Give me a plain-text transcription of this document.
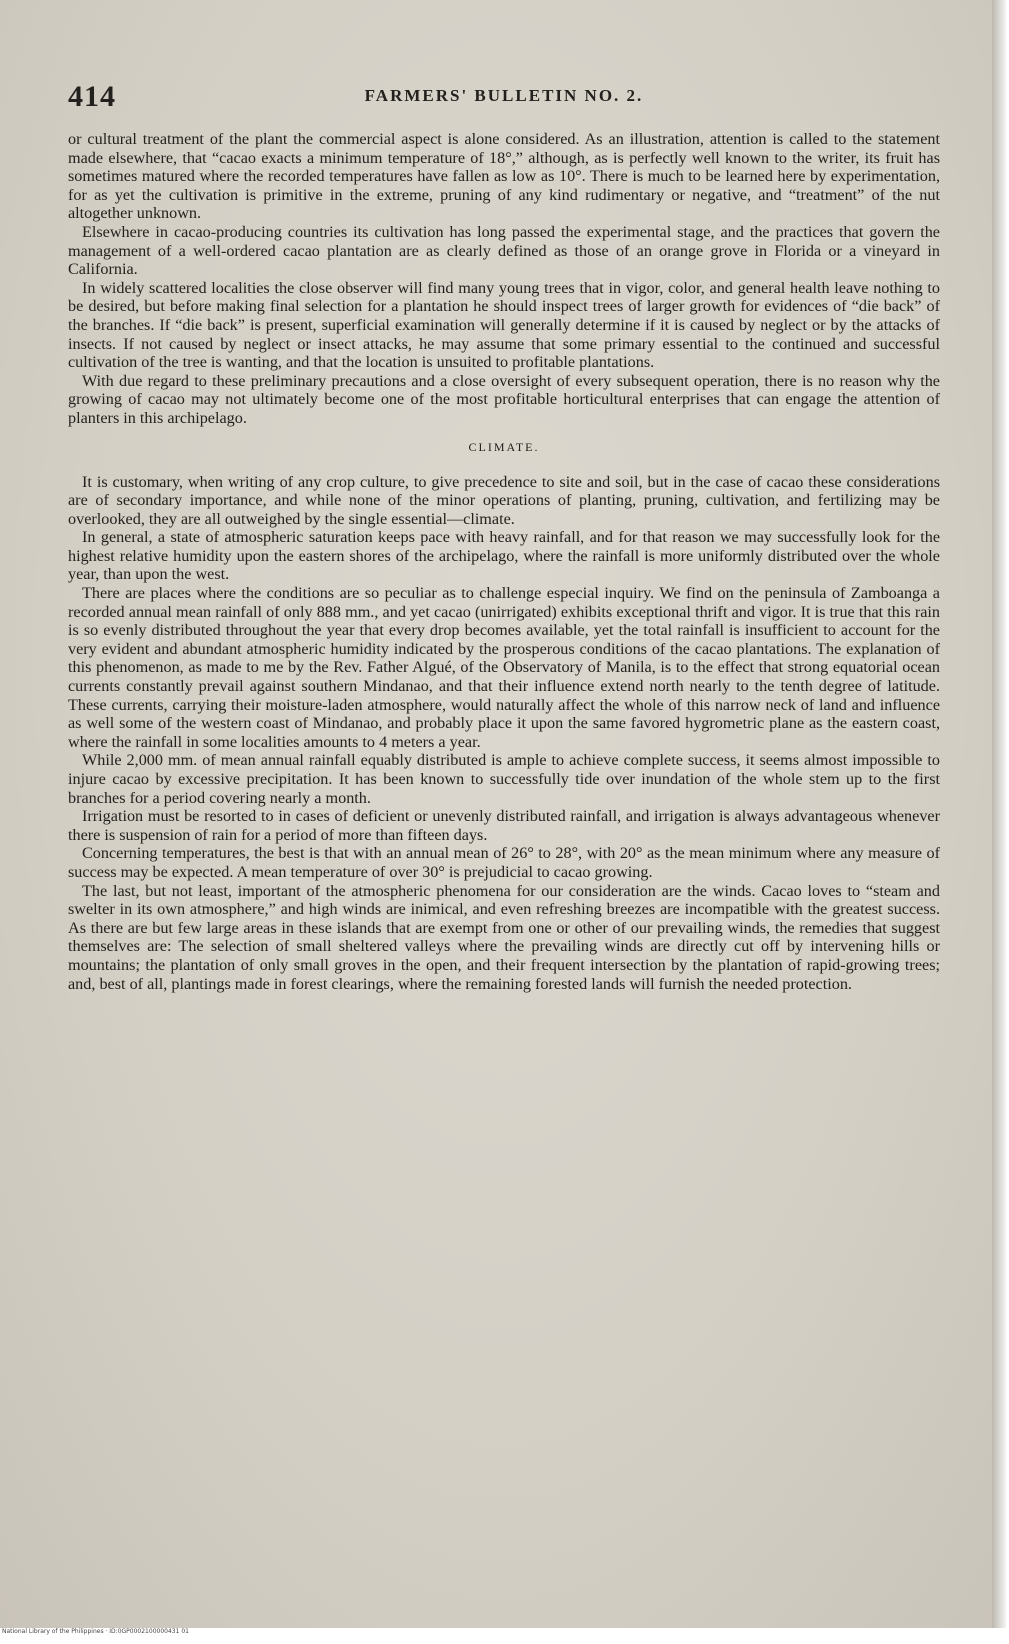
414	FARMERS' BULLETIN NO. 2.

or cultural treatment of the plant the commercial aspect is alone considered. As an illustration, attention is called to the statement made elsewhere, that “cacao exacts a minimum temperature of 18°,” although, as is perfectly well known to the writer, its fruit has sometimes matured where the recorded temperatures have fallen as low as 10°. There is much to be learned here by experimentation, for as yet the cultivation is primitive in the extreme, pruning of any kind rudimentary or negative, and “treatment” of the nut altogether unknown.

Elsewhere in cacao-producing countries its cultivation has long passed the experimental stage, and the practices that govern the management of a well-ordered cacao plantation are as clearly defined as those of an orange grove in Florida or a vineyard in California.

In widely scattered localities the close observer will find many young trees that in vigor, color, and general health leave nothing to be desired, but before making final selection for a plantation he should inspect trees of larger growth for evidences of “die back” of the branches. If “die back” is present, superficial examination will generally determine if it is caused by neglect or by the attacks of insects. If not caused by neglect or insect attacks, he may assume that some primary essential to the continued and successful cultivation of the tree is wanting, and that the location is unsuited to profitable plantations.

With due regard to these preliminary precautions and a close oversight of every subsequent operation, there is no reason why the growing of cacao may not ultimately become one of the most profitable horticultural enterprises that can engage the attention of planters in this archipelago.

CLIMATE.

It is customary, when writing of any crop culture, to give precedence to site and soil, but in the case of cacao these considerations are of secondary importance, and while none of the minor operations of planting, pruning, cultivation, and fertilizing may be overlooked, they are all outweighed by the single essential—climate.

In general, a state of atmospheric saturation keeps pace with heavy rainfall, and for that reason we may successfully look for the highest relative humidity upon the eastern shores of the archipelago, where the rainfall is more uniformly distributed over the whole year, than upon the west.

There are places where the conditions are so peculiar as to challenge especial inquiry. We find on the peninsula of Zamboanga a recorded annual mean rainfall of only 888 mm., and yet cacao (unirrigated) exhibits exceptional thrift and vigor. It is true that this rain is so evenly distributed throughout the year that every drop becomes available, yet the total rainfall is insufficient to account for the very evident and abundant atmospheric humidity indicated by the prosperous conditions of the cacao plantations. The explanation of this phenomenon, as made to me by the Rev. Father Algué, of the Observatory of Manila, is to the effect that strong equatorial ocean currents constantly prevail against southern Mindanao, and that their influence extend north nearly to the tenth degree of latitude. These currents, carrying their moisture-laden atmosphere, would naturally affect the whole of this narrow neck of land and influence as well some of the western coast of Mindanao, and probably place it upon the same favored hygrometric plane as the eastern coast, where the rainfall in some localities amounts to 4 meters a year.

While 2,000 mm. of mean annual rainfall equably distributed is ample to achieve complete success, it seems almost impossible to injure cacao by excessive precipitation. It has been known to successfully tide over inundation of the whole stem up to the first branches for a period covering nearly a month.

Irrigation must be resorted to in cases of deficient or unevenly distributed rainfall, and irrigation is always advantageous whenever there is suspension of rain for a period of more than fifteen days.

Concerning temperatures, the best is that with an annual mean of 26° to 28°, with 20° as the mean minimum where any measure of success may be expected. A mean temperature of over 30° is prejudicial to cacao growing.

The last, but not least, important of the atmospheric phenomena for our consideration are the winds. Cacao loves to “steam and swelter in its own atmosphere,” and high winds are inimical, and even refreshing breezes are incompatible with the greatest success. As there are but few large areas in these islands that are exempt from one or other of our prevailing winds, the remedies that suggest themselves are: The selection of small sheltered valleys where the prevailing winds are directly cut off by intervening hills or mountains; the plantation of only small groves in the open, and their frequent intersection by the plantation of rapid-growing trees; and, best of all, plantings made in forest clearings, where the remaining forested lands will furnish the needed protection.

National Library of the Philippines · ID:0GP0002100000431 01
